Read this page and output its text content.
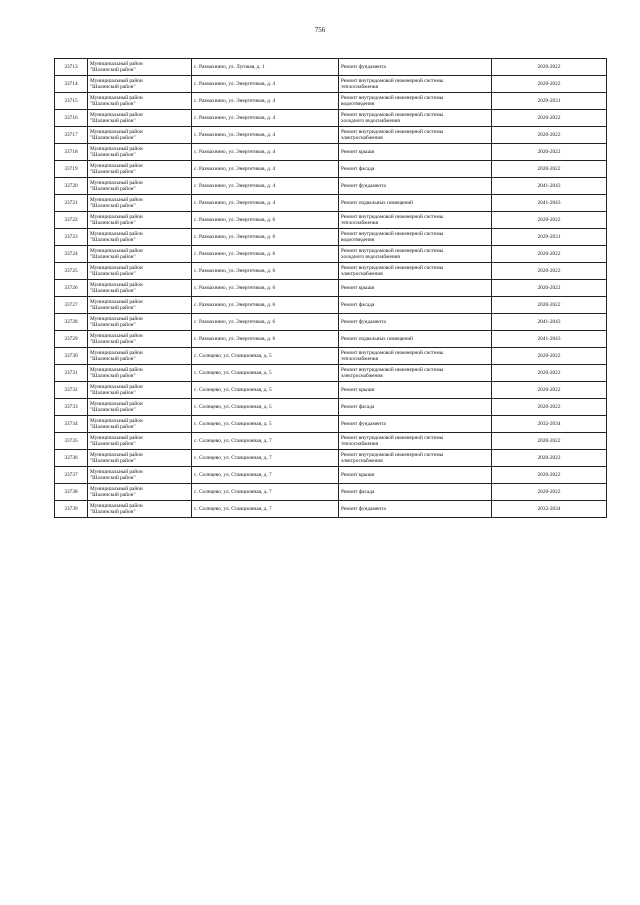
756
33713	Муниципальный район
"Шалинский район"	с. Размахнино, ул. Луговая, д. 1	Ремонт фундамента	2020-2022
33714	Муниципальный район
"Шалинский район"	с. Размахнино, ул. Энергетиков, д. 4	Ремонт внутридомовой инженерной системы
теплоснабжения	2020-2022
33715	Муниципальный район
"Шалинский район"	с. Размахнино, ул. Энергетиков, д. 4	Ремонт внутридомовой инженерной системы
водоотведения	2029-2031
33716	Муниципальный район
"Шалинский район"	с. Размахнино, ул. Энергетиков, д. 4	Ремонт внутридомовой инженерной системы
холодного водоснабжения	2020-2022
33717	Муниципальный район
"Шалинский район"	с. Размахнино, ул. Энергетиков, д. 4	Ремонт внутридомовой инженерной системы
электроснабжения	2020-2022
33718	Муниципальный район
"Шалинский район"	с. Размахнино, ул. Энергетиков, д. 4	Ремонт крыши	2020-2022
33719	Муниципальный район
"Шалинский район"	с. Размахнино, ул. Энергетиков, д. 4	Ремонт фасада	2020-2022
33720	Муниципальный район
"Шалинский район"	с. Размахнино, ул. Энергетиков, д. 4	Ремонт фундамента	2041-2043
33721	Муниципальный район
"Шалинский район"	с. Размахнино, ул. Энергетиков, д. 4	Ремонт подвальных помещений	2041-2043
33722	Муниципальный район
"Шалинский район"	с. Размахнино, ул. Энергетиков, д. 6	Ремонт внутридомовой инженерной системы
теплоснабжения	2020-2022
33723	Муниципальный район
"Шалинский район"	с. Размахнино, ул. Энергетиков, д. 6	Ремонт внутридомовой инженерной системы
водоотведения	2029-2031
33724	Муниципальный район
"Шалинский район"	с. Размахнино, ул. Энергетиков, д. 6	Ремонт внутридомовой инженерной системы
холодного водоснабжения	2020-2022
33725	Муниципальный район
"Шалинский район"	с. Размахнино, ул. Энергетиков, д. 6	Ремонт внутридомовой инженерной системы
электроснабжения	2020-2022
33726	Муниципальный район
"Шалинский район"	с. Размахнино, ул. Энергетиков, д. 6	Ремонт крыши	2020-2022
33727	Муниципальный район
"Шалинский район"	с. Размахнино, ул. Энергетиков, д. 6	Ремонт фасада	2020-2022
33728	Муниципальный район
"Шалинский район"	с. Размахнино, ул. Энергетиков, д. 6	Ремонт фундамента	2041-2043
33729	Муниципальный район
"Шалинский район"	с. Размахнино, ул. Энергетиков, д. 6	Ремонт подвальных помещений	2041-2043
33730	Муниципальный район
"Шалинский район"	с. Солнцево, ул. Станционная, д. 5	Ремонт внутридомовой инженерной системы
теплоснабжения	2020-2022
33731	Муниципальный район
"Шалинский район"	с. Солнцево, ул. Станционная, д. 5	Ремонт внутридомовой инженерной системы
электроснабжения	2020-2022
33732	Муниципальный район
"Шалинский район"	с. Солнцево, ул. Станционная, д. 5	Ремонт крыши	2020-2022
33733	Муниципальный район
"Шалинский район"	с. Солнцево, ул. Станционная, д. 5	Ремонт фасада	2020-2022
33734	Муниципальный район
"Шалинский район"	с. Солнцево, ул. Станционная, д. 5	Ремонт фундамента	2032-2034
33735	Муниципальный район
"Шалинский район"	с. Солнцево, ул. Станционная, д. 7	Ремонт внутридомовой инженерной системы
теплоснабжения	2020-2022
33736	Муниципальный район
"Шалинский район"	с. Солнцево, ул. Станционная, д. 7	Ремонт внутридомовой инженерной системы
электроснабжения	2020-2022
33737	Муниципальный район
"Шалинский район"	с. Солнцево, ул. Станционная, д. 7	Ремонт крыши	2020-2022
33738	Муниципальный район
"Шалинский район"	с. Солнцево, ул. Станционная, д. 7	Ремонт фасада	2020-2022
33739	Муниципальный район
"Шалинский район"	с. Солнцево, ул. Станционная, д. 7	Ремонт фундамента	2032-2034
